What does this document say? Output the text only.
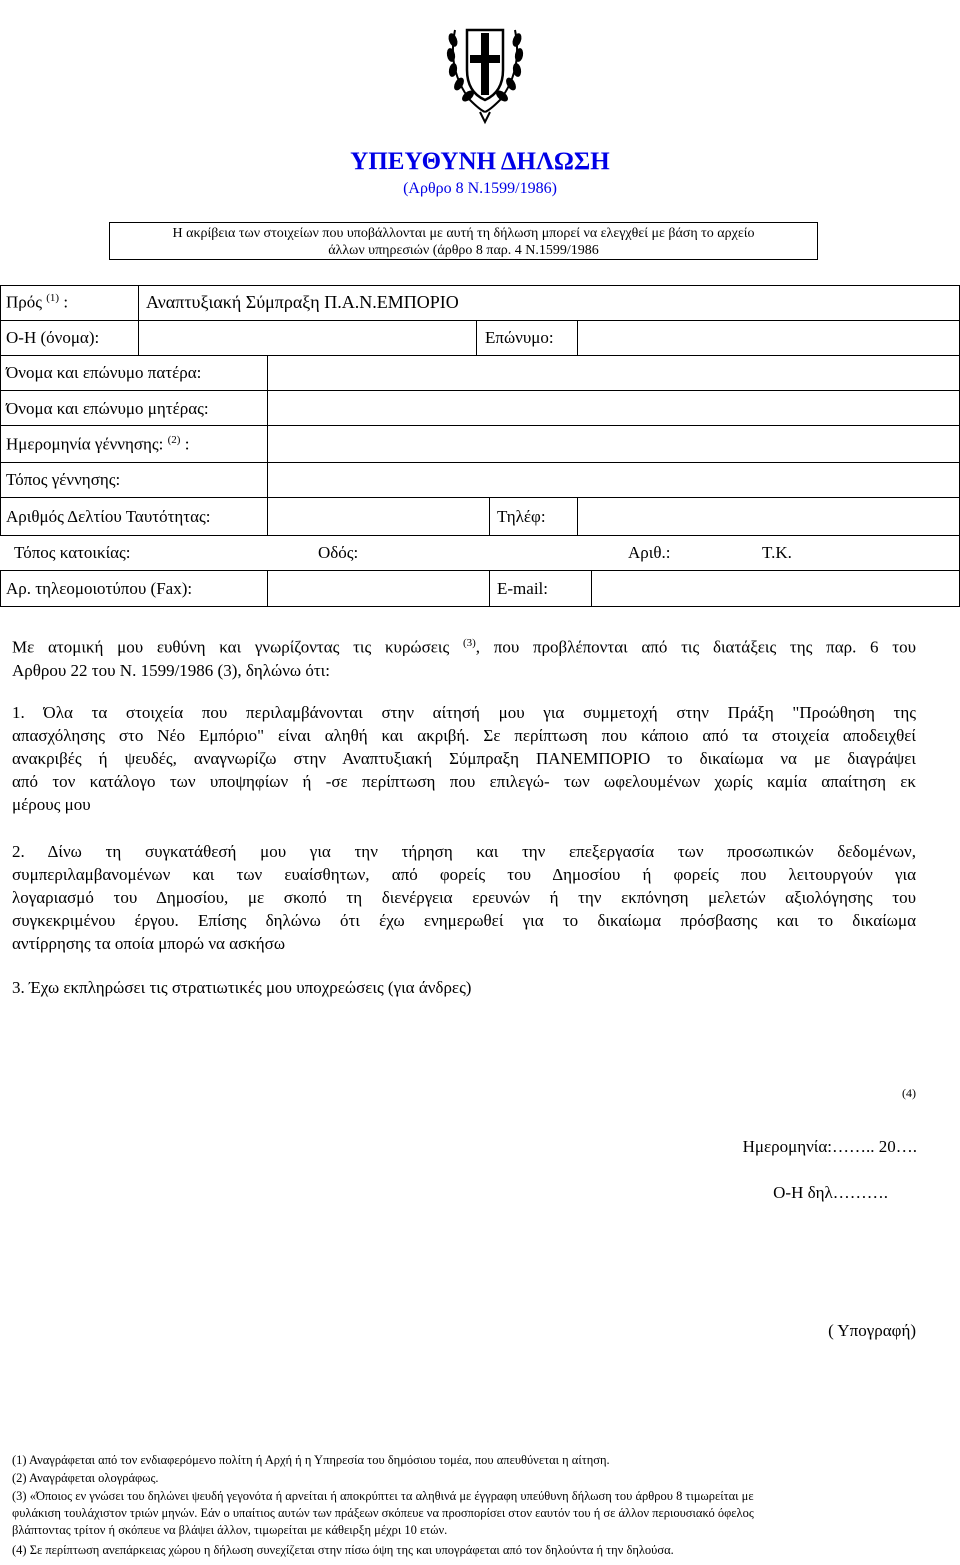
ΥΠΕΥΘΥΝΗ ΔΗΛΩΣΗ
(Αρθρο 8 Ν.1599/1986)
Η ακρίβεια των στοιχείων που υποβάλλονται με αυτή τη δήλωση μπορεί να ελεγχθεί με βάση το αρχείο
άλλων υπηρεσιών (άρθρο 8 παρ. 4 Ν.1599/1986
Πρός $^{(1)}$ :	Αναπτυξιακή Σύμπραξη Π.Α.Ν.ΕΜΠΟΡΙΟ
Ο-Η (όνομα):	Επώνυμο:
Όνομα και επώνυμο πατέρα:
Όνομα και επώνυμο μητέρας:
Ημερομηνία γέννησης: $^{(2)}$ :
Τόπος γέννησης:
Αριθμός Δελτίου Ταυτότητας:	Τηλέφ:
Τόπος κατοικίας:	Οδός:	Αριθ.:	Τ.Κ.
Αρ. τηλεομοιοτύπου (Fax):	E-mail:
Με ατομική μου ευθύνη και γνωρίζοντας τις κυρώσεις $^{(3)}$, που προβλέπονται από τις διατάξεις της παρ. 6 του
Αρθρου 22 του Ν. 1599/1986 (3), δηλώνω ότι:
1. Όλα τα στοιχεία που περιλαμβάνονται στην αίτησή μου για συμμετοχή στην Πράξη "Προώθηση της
απασχόλησης στο Νέο Εμπόριο" είναι αληθή και ακριβή. Σε περίπτωση που κάποιο από τα στοιχεία αποδειχθεί
ανακριβές ή ψευδές, αναγνωρίζω στην Αναπτυξιακή Σύμπραξη ΠΑΝΕΜΠΟΡΙΟ το δικαίωμα να με διαγράψει
από τον κατάλογο των υποψηφίων ή -σε περίπτωση που επιλεγώ- των ωφελουμένων χωρίς καμία απαίτηση εκ
μέρους μου
2. Δίνω τη συγκατάθεσή μου για την τήρηση και την επεξεργασία των προσωπικών δεδομένων,
συμπεριλαμβανομένων και των ευαίσθητων, από φορείς του Δημοσίου ή φορείς που λειτουργούν για
λογαριασμό του Δημοσίου, με σκοπό τη διενέργεια ερευνών ή την εκπόνηση μελετών αξιολόγησης του
συγκεκριμένου έργου. Επίσης δηλώνω ότι έχω ενημερωθεί για το δικαίωμα πρόσβασης και το δικαίωμα
αντίρρησης τα οποία μπορώ να ασκήσω
3. Έχω εκπληρώσει τις στρατιωτικές μου υποχρεώσεις (για άνδρες)
(4)
Ημερομηνία:…….. 20….
Ο-Η δηλ……….
( Υπογραφή)
(1) Αναγράφεται από τον ενδιαφερόμενο πολίτη ή Αρχή ή η Υπηρεσία του δημόσιου τομέα, που απευθύνεται η αίτηση.
(2) Αναγράφεται ολογράφως.
(3) «Όποιος εν γνώσει του δηλώνει ψευδή γεγονότα ή αρνείται ή αποκρύπτει τα αληθινά με έγγραφη υπεύθυνη δήλωση του άρθρου 8 τιμωρείται με
φυλάκιση τουλάχιστον τριών μηνών. Εάν ο υπαίτιος αυτών των πράξεων σκόπευε να προσπορίσει στον εαυτόν του ή σε άλλον περιουσιακό όφελος
βλάπτοντας τρίτον ή σκόπευε να βλάψει άλλον, τιμωρείται με κάθειρξη μέχρι 10 ετών.
(4) Σε περίπτωση ανεπάρκειας χώρου η δήλωση συνεχίζεται στην πίσω όψη της και υπογράφεται από τον δηλούντα ή την δηλούσα.
